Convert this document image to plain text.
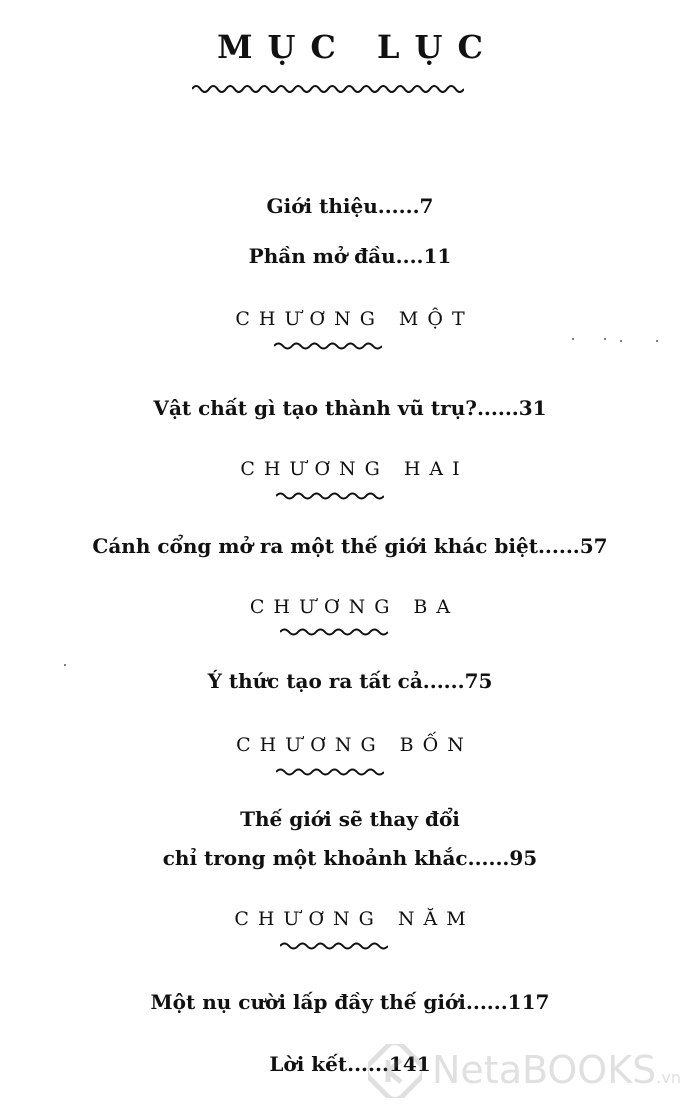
MỤC LỤC
Giới thiệu......7
Phần mở đầu....11
CHƯƠNG MỘT
Vật chất gì tạo thành vũ trụ?......31
CHƯƠNG HAI
Cánh cổng mở ra một thế giới khác biệt......57
CHƯƠNG BA
Ý thức tạo ra tất cả......75
CHƯƠNG BỐN
Thế giới sẽ thay đổi
chỉ trong một khoảnh khắc......95
CHƯƠNG NĂM
Một nụ cười lấp đầy thế giới......117
Lời kết......141 NetaBOOKS.vn
